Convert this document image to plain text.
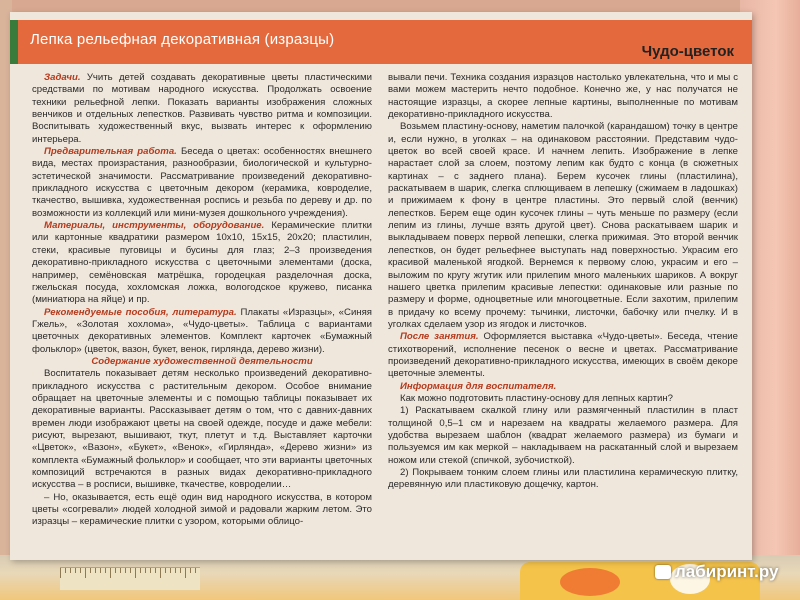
Лепка рельефная декоративная (изразцы)
Чудо-цветок

Задачи. Учить детей создавать декоративные цветы пластическими средствами по мотивам народного искусства. Продолжать освоение техники рельефной лепки. Показать варианты изображения сложных венчиков и отдельных лепестков. Развивать чувство ритма и композиции. Воспитывать художественный вкус, вызвать интерес к оформлению интерьера.

Предварительная работа. Беседа о цветах: особенностях внешнего вида, местах произрастания, разнообразии, биологической и культурно-эстетической значимости. Рассматривание произведений декоративно-прикладного искусства с цветочным декором (керамика, ковроделие, ткачество, вышивка, художественная роспись и резьба по дереву и др. по возможности из коллекций или мини-музея дошкольного учреждения).

Материалы, инструменты, оборудование. Керамические плитки или картонные квадратики размером 10х10, 15х15, 20х20; пластилин, стеки, красивые пуговицы и бусины для глаз; 2–3 произведения декоративно-прикладного искусства с цветочными элементами (доска, например, семёновская матрёшка, городецкая разделочная доска, гжельская посуда, хохломская ложка, вологодское кружево, писанка (миниатюра на яйце) и пр.

Рекомендуемые пособия, литература. Плакаты «Изразцы», «Синяя Гжель», «Золотая хохлома», «Чудо-цветы». Таблица с вариантами цветочных декоративных элементов. Комплект карточек «Бумажный фольклор» (цветок, вазон, букет, венок, гирлянда, дерево жизни).

Содержание художественной деятельности

Воспитатель показывает детям несколько произведений декоративно-прикладного искусства с растительным декором. Особое внимание обращает на цветочные элементы и с помощью таблицы показывает их декоративные варианты. Рассказывает детям о том, что с давних-давних времен люди изображают цветы на своей одежде, посуде и даже мебели: рисуют, вырезают, вышивают, ткут, плетут и т.д. Выставляет карточки «Цветок», «Вазон», «Букет», «Венок», «Гирлянда», «Дерево жизни» из комплекта «Бумажный фольклор» и сообщает, что эти варианты цветочных композиций встречаются в разных видах декоративно-прикладного искусства – в росписи, вышивке, ткачестве, ковроделии…

– Но, оказывается, есть ещё один вид народного искусства, в котором цветы «согревали» людей холодной зимой и радовали жарким летом. Это изразцы – керамические плитки с узором, которыми облицо-

вывали печи. Техника создания изразцов настолько увлекательна, что и мы с вами можем мастерить нечто подобное. Конечно же, у нас получатся не настоящие изразцы, а скорее лепные картины, выполненные по мотивам декоративно-прикладного искусства.

Возьмем пластину-основу, наметим палочкой (карандашом) точку в центре и, если нужно, в уголках – на одинаковом расстоянии. Представим чудо-цветок во всей своей красе. И начнем лепить. Изображение в лепке нарастает слой за слоем, поэтому лепим как будто с конца (в сюжетных картинах – с заднего плана). Берем кусочек глины (пластилина), раскатываем в шарик, слегка сплющиваем в лепешку (сжимаем в ладошках) и прижимаем к фону в центре пластины. Это первый слой (венчик) лепестков. Берем еще один кусочек глины – чуть меньше по размеру (если лепим из глины, лучше взять другой цвет). Снова раскатываем шарик и выкладываем поверх первой лепешки, слегка прижимая. Это второй венчик лепестков, он будет рельефнее выступать над поверхностью. Украсим его красивой маленькой ягодкой. Вернемся к первому слою, украсим и его – выложим по кругу жгутик или прилепим много маленьких шариков. А вокруг нашего цветка прилепим красивые лепестки: одинаковые или разные по размеру и форме, одноцветные или многоцветные. Если захотим, прилепим в придачу ко всему прочему: тычинки, листочки, бабочку или пчелку. И в уголках сделаем узор из ягодок и листочков.

После занятия. Оформляется выставка «Чудо-цветы». Беседа, чтение стихотворений, исполнение песенок о весне и цветах. Рассматривание произведений декоративно-прикладного искусства, имеющих в своём декоре цветочные элементы.

Информация для воспитателя.

Как можно подготовить пластину-основу для лепных картин?

1) Раскатываем скалкой глину или размягченный пластилин в пласт толщиной 0,5–1 см и нарезаем на квадраты желаемого размера. Для удобства вырезаем шаблон (квадрат желаемого размера) из бумаги и пользуемся им как меркой – накладываем на раскатанный слой и вырезаем ножом или стекой (спичкой, зубочисткой).

2) Покрываем тонким слоем глины или пластилина керамическую плитку, деревянную или пластиковую дощечку, картон.

лабиринт.ру
